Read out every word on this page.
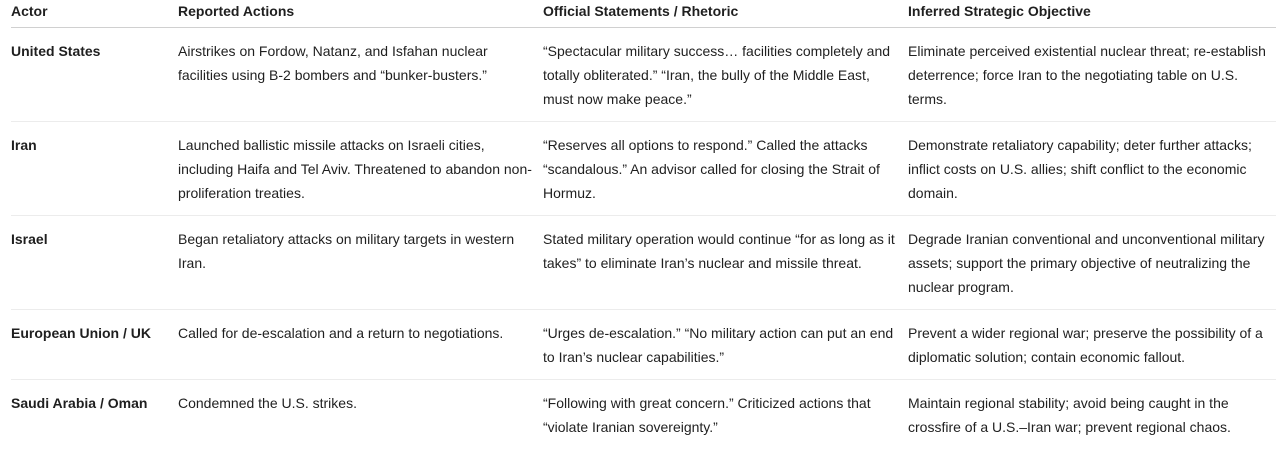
Actor	Reported Actions	Official Statements / Rhetoric	Inferred Strategic Objective
United States	Airstrikes on Fordow, Natanz, and Isfahan nuclear facilities using B-2 bombers and “bunker-busters.”	“Spectacular military success… facilities completely and totally obliterated.” “Iran, the bully of the Middle East, must now make peace.”	Eliminate perceived existential nuclear threat; re-establish deterrence; force Iran to the negotiating table on U.S. terms.
Iran	Launched ballistic missile attacks on Israeli cities, including Haifa and Tel Aviv. Threatened to abandon non-proliferation treaties.	“Reserves all options to respond.” Called the attacks “scandalous.” An advisor called for closing the Strait of Hormuz.	Demonstrate retaliatory capability; deter further attacks; inflict costs on U.S. allies; shift conflict to the economic domain.
Israel	Began retaliatory attacks on military targets in western Iran.	Stated military operation would continue “for as long as it takes” to eliminate Iran’s nuclear and missile threat.	Degrade Iranian conventional and unconventional military assets; support the primary objective of neutralizing the nuclear program.
European Union / UK	Called for de-escalation and a return to negotiations.	“Urges de-escalation.” “No military action can put an end to Iran’s nuclear capabilities.”	Prevent a wider regional war; preserve the possibility of a diplomatic solution; contain economic fallout.
Saudi Arabia / Oman	Condemned the U.S. strikes.	“Following with great concern.” Criticized actions that “violate Iranian sovereignty.”	Maintain regional stability; avoid being caught in the crossfire of a U.S.–Iran war; prevent regional chaos.
